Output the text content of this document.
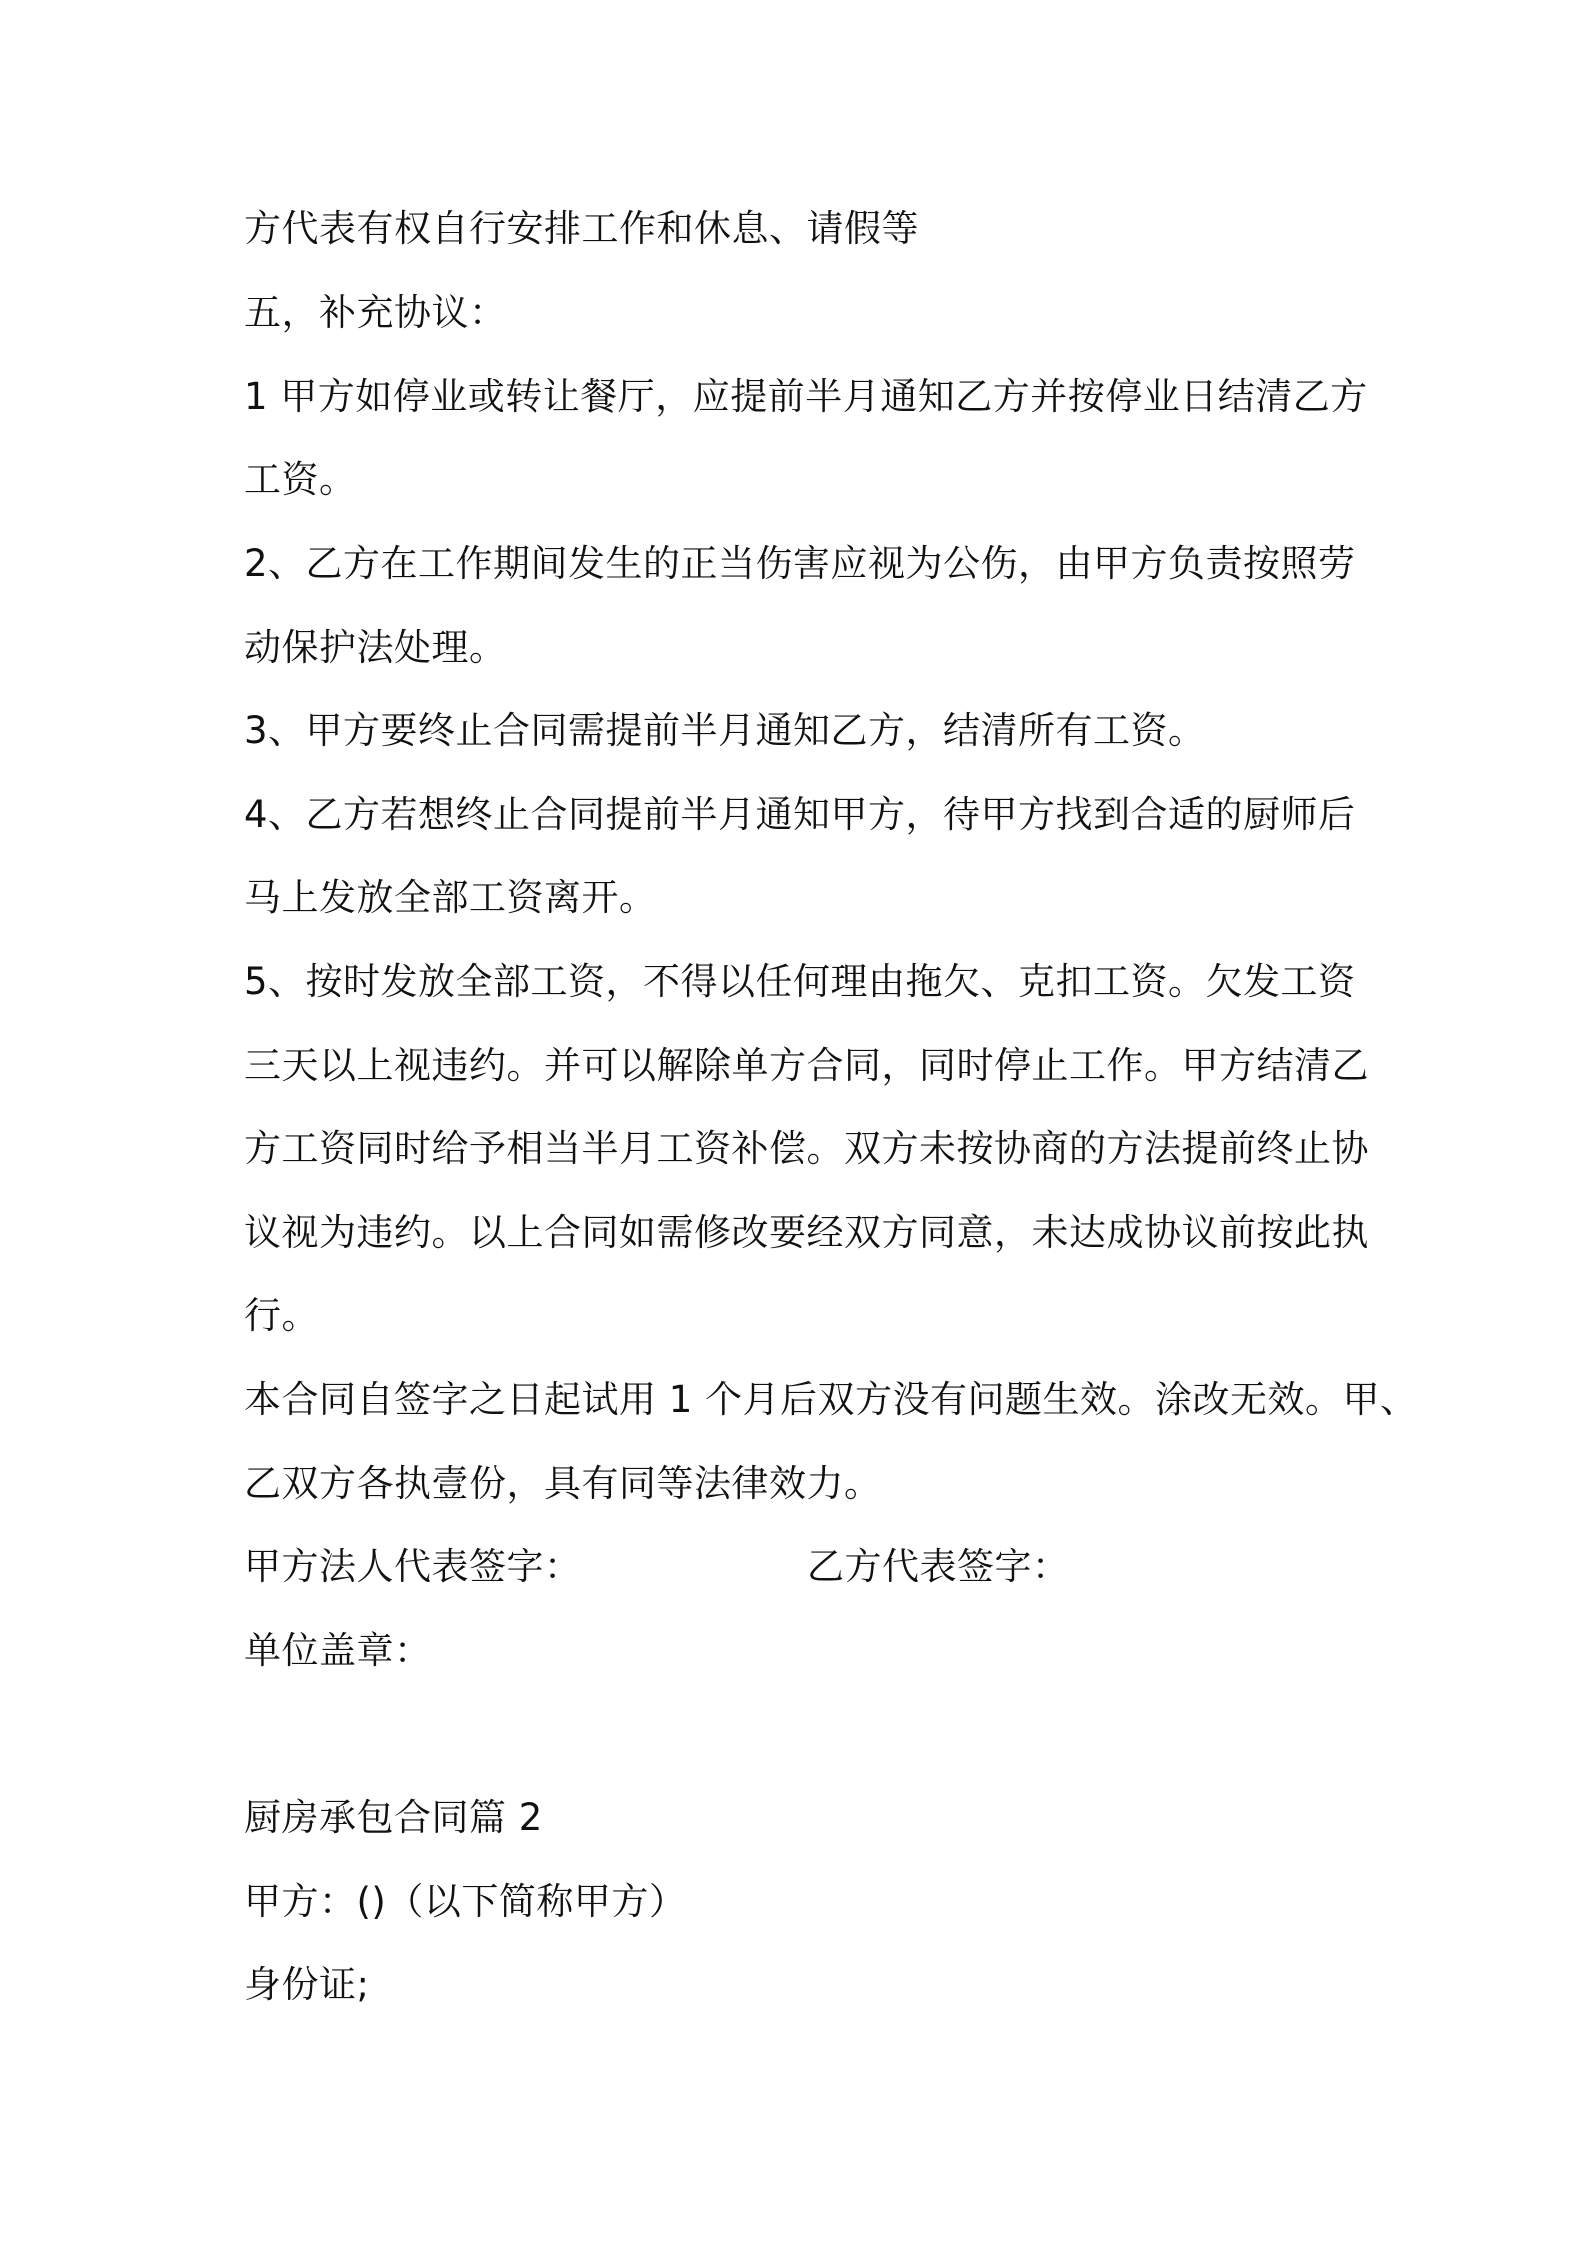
方代表有权自行安排工作和休息、请假等

五，补充协议：

1 甲方如停业或转让餐厅，应提前半月通知乙方并按停业日结清乙方

工资。

2、乙方在工作期间发生的正当伤害应视为公伤，由甲方负责按照劳

动保护法处理。

3、甲方要终止合同需提前半月通知乙方，结清所有工资。

4、乙方若想终止合同提前半月通知甲方，待甲方找到合适的厨师后

马上发放全部工资离开。

5、按时发放全部工资，不得以任何理由拖欠、克扣工资。欠发工资

三天以上视违约。并可以解除单方合同，同时停止工作。甲方结清乙

方工资同时给予相当半月工资补偿。双方未按协商的方法提前终止协

议视为违约。以上合同如需修改要经双方同意，未达成协议前按此执

行。

本合同自签字之日起试用 1 个月后双方没有问题生效。涂改无效。甲、

乙双方各执壹份，具有同等法律效力。

甲方法人代表签字：	乙方代表签字：

单位盖章：

厨房承包合同篇 2

甲方：()（以下简称甲方）

身份证;
